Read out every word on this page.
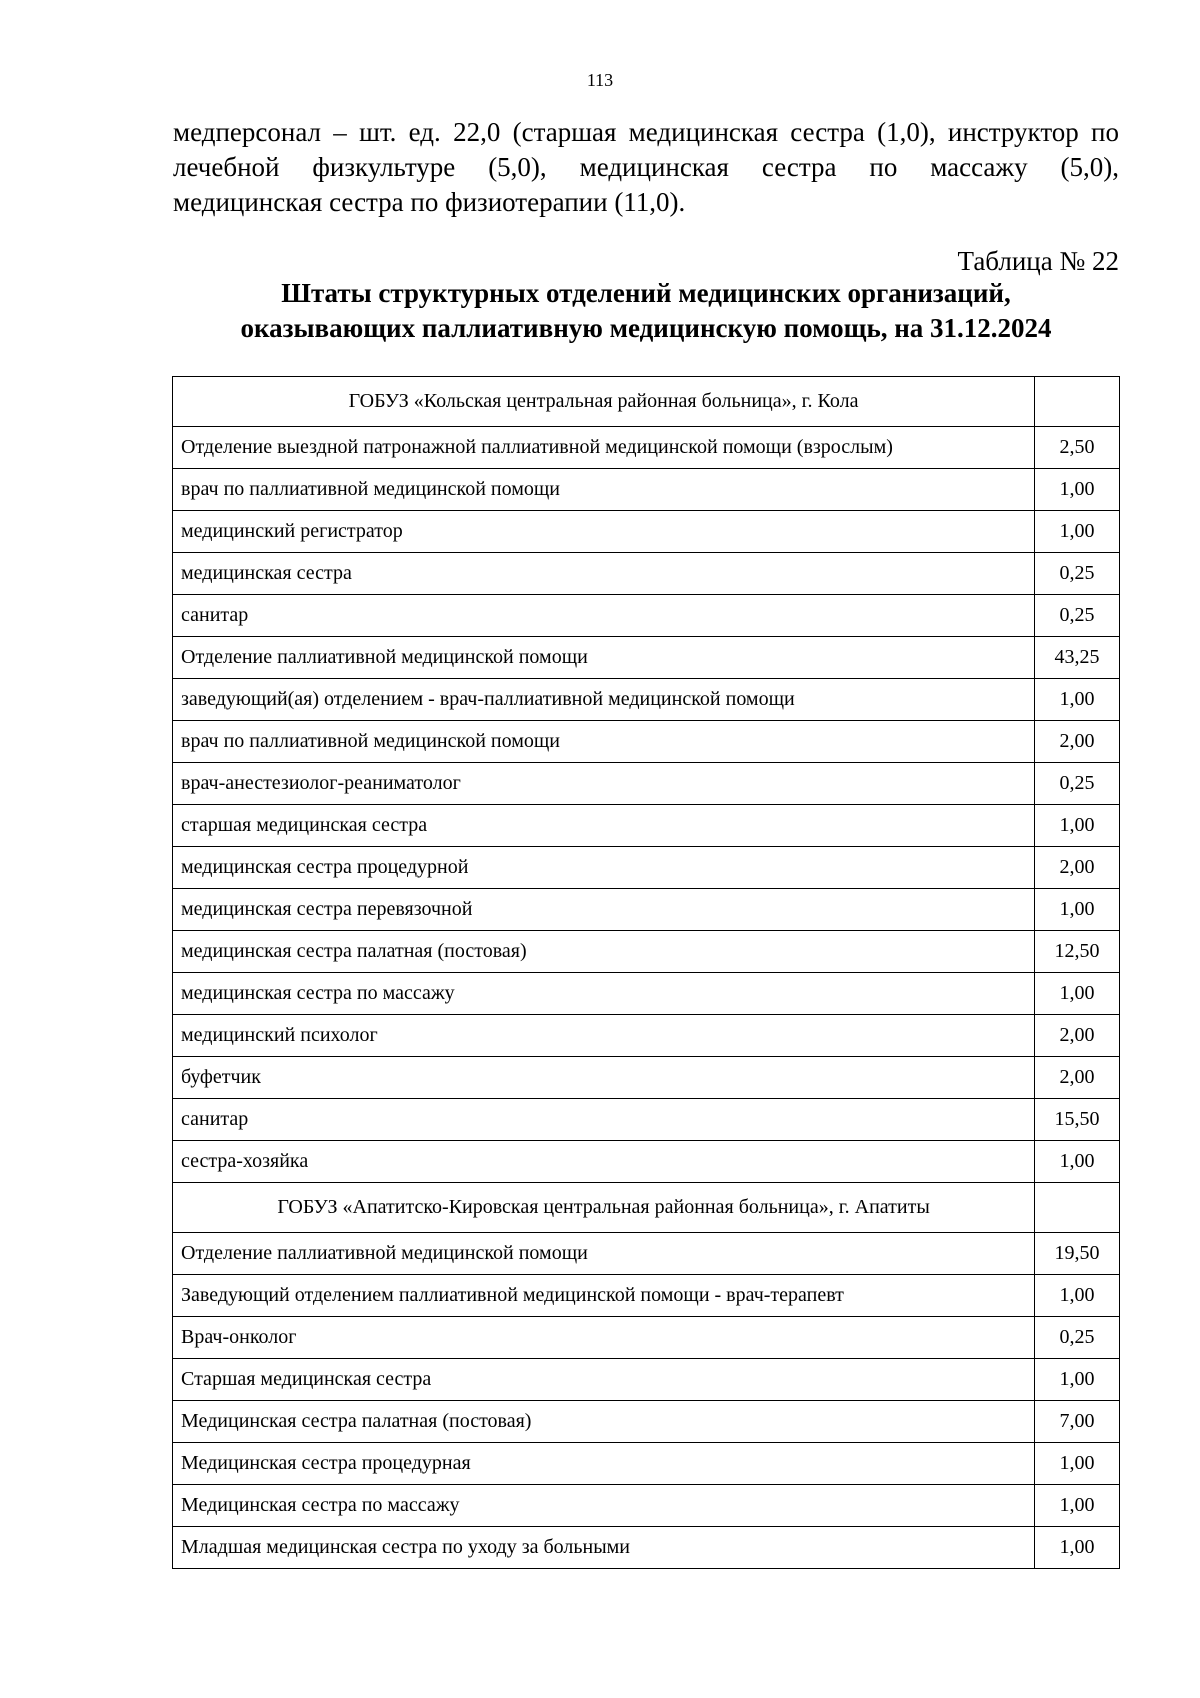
113
медперсонал – шт. ед. 22,0 (старшая медицинская сестра (1,0), инструктор по
лечебной физкультуре (5,0), медицинская сестра по массажу (5,0),
медицинская сестра по физиотерапии (11,0).
Таблица № 22
Штаты структурных отделений медицинских организаций,
оказывающих паллиативную медицинскую помощь, на 31.12.2024
ГОБУЗ «Кольская центральная районная больница», г. Кола	
Отделение выездной патронажной паллиативной медицинской помощи (взрослым)	2,50
врач по паллиативной медицинской помощи	1,00
медицинский регистратор	1,00
медицинская сестра	0,25
санитар	0,25
Отделение паллиативной медицинской помощи	43,25
заведующий(ая) отделением - врач-паллиативной медицинской помощи	1,00
врач по паллиативной медицинской помощи	2,00
врач-анестезиолог-реаниматолог	0,25
старшая медицинская сестра	1,00
медицинская сестра процедурной	2,00
медицинская сестра перевязочной	1,00
медицинская сестра палатная (постовая)	12,50
медицинская сестра по массажу	1,00
медицинский психолог	2,00
буфетчик	2,00
санитар	15,50
сестра-хозяйка	1,00
ГОБУЗ «Апатитско-Кировская центральная районная больница», г. Апатиты	
Отделение паллиативной медицинской помощи	19,50
Заведующий отделением паллиативной медицинской помощи - врач-терапевт	1,00
Врач-онколог	0,25
Старшая медицинская сестра	1,00
Медицинская сестра палатная (постовая)	7,00
Медицинская сестра процедурная	1,00
Медицинская сестра по массажу	1,00
Младшая медицинская сестра по уходу за больными	1,00
